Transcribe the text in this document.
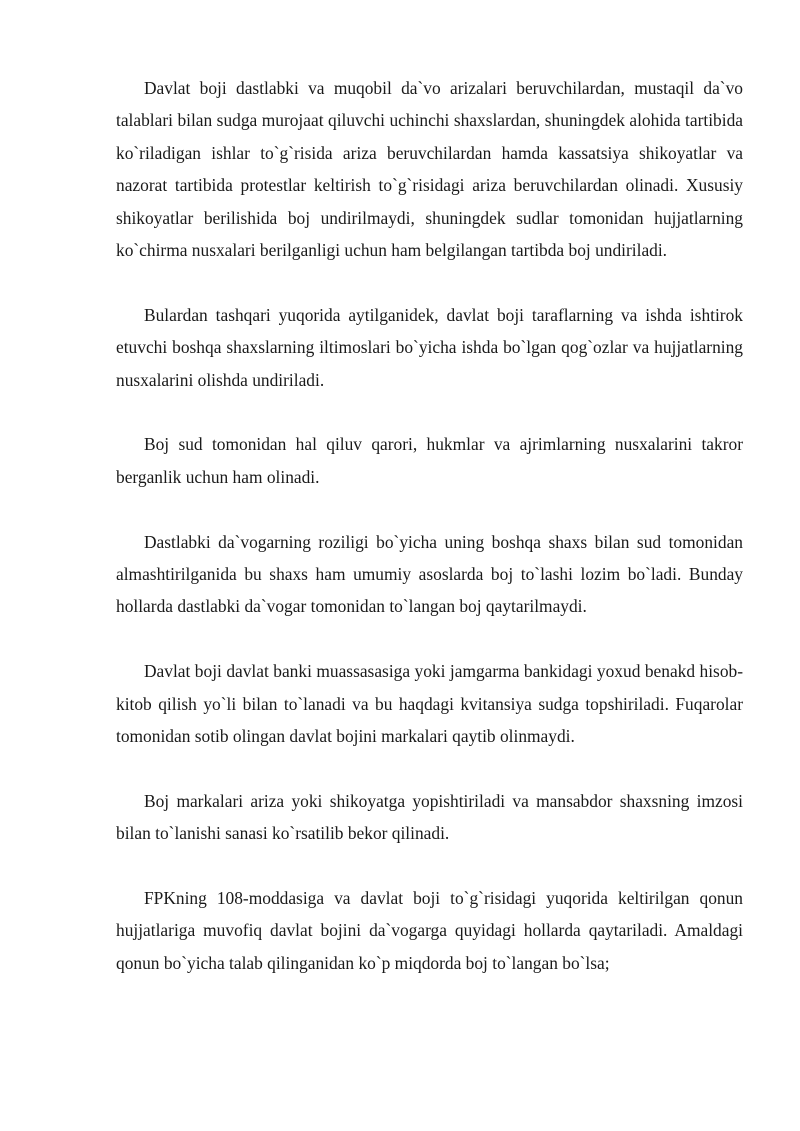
Davlat boji dastlabki va muqobil da`vo arizalari beruvchilardan, mustaqil da`vo talablari bilan sudga murojaat qiluvchi uchinchi shaxslardan, shuningdek alohida tartibida ko`riladigan ishlar to`g`risida ariza beruvchilardan hamda kassatsiya shikoyatlar va nazorat tartibida protestlar keltirish to`g`risidagi ariza beruvchilardan olinadi. Xususiy shikoyatlar berilishida boj undirilmaydi, shuningdek sudlar tomonidan hujjatlarning ko`chirma nusxalari berilganligi uchun ham belgilangan tartibda boj undiriladi.

Bulardan tashqari yuqorida aytilganidek, davlat boji taraflarning va ishda ishtirok etuvchi boshqa shaxslarning iltimoslari bo`yicha ishda bo`lgan qog`ozlar va hujjatlarning nusxalarini olishda undiriladi.

Boj sud tomonidan hal qiluv qarori, hukmlar va ajrimlarning nusxalarini takror berganlik uchun ham olinadi.

Dastlabki da`vogarning roziligi bo`yicha uning boshqa shaxs bilan sud tomonidan almashtirilganida bu shaxs ham umumiy asoslarda boj to`lashi lozim bo`ladi. Bunday hollarda dastlabki da`vogar tomonidan to`langan boj qaytarilmaydi.

Davlat boji davlat banki muassasasiga yoki jamgarma bankidagi yoxud benakd hisob-kitob qilish yo`li bilan to`lanadi va bu haqdagi kvitansiya sudga topshiriladi. Fuqarolar tomonidan sotib olingan davlat bojini markalari qaytib olinmaydi.

Boj markalari ariza yoki shikoyatga yopishtiriladi va mansabdor shaxsning imzosi bilan to`lanishi sanasi ko`rsatilib bekor qilinadi.

FPKning 108-moddasiga va davlat boji to`g`risidagi yuqorida keltirilgan qonun hujjatlariga muvofiq davlat bojini da`vogarga quyidagi hollarda qaytariladi. Amaldagi qonun bo`yicha talab qilinganidan ko`p miqdorda boj to`langan bo`lsa;
